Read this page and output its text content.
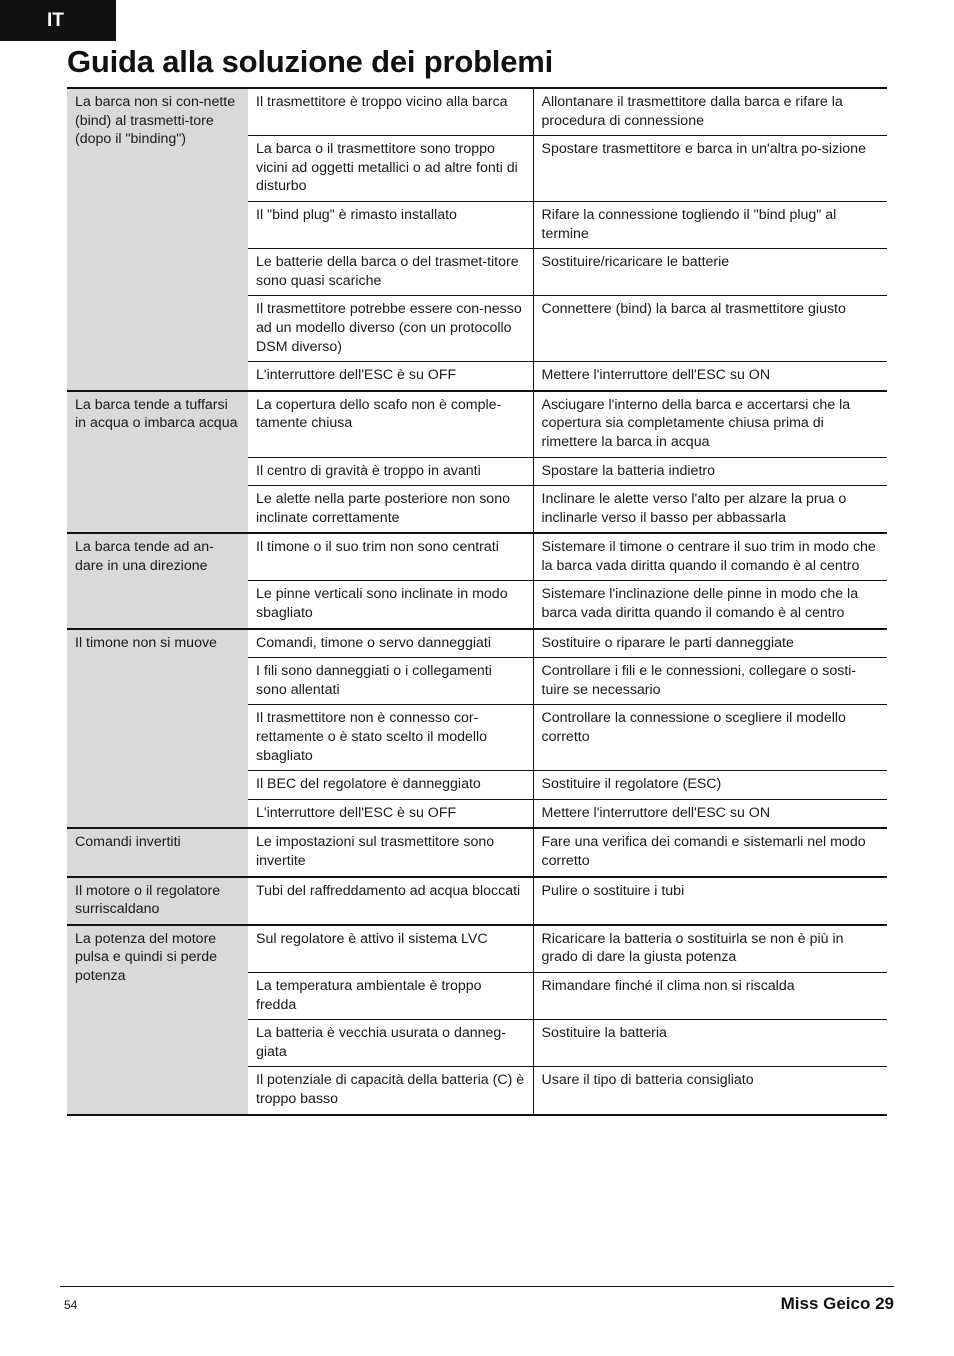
IT
Guida alla soluzione dei problemi
La barca non si con-nette (bind) al trasmetti-tore (dopo il "binding")	Il trasmettitore è troppo vicino alla barca	Allontanare il trasmettitore dalla barca e rifare la procedura di connessione
	La barca o il trasmettitore sono troppo vicini ad oggetti metallici o ad altre fonti di disturbo	Spostare trasmettitore e barca in un'altra po-sizione
	Il "bind plug" è rimasto installato	Rifare la connessione togliendo il "bind plug" al termine
	Le batterie della barca o del trasmet-titore sono quasi scariche	Sostituire/ricaricare le batterie
	Il trasmettitore potrebbe essere con-nesso ad un modello diverso (con un protocollo DSM diverso)	Connettere (bind) la barca al trasmettitore giusto
	L'interruttore dell'ESC è su OFF	Mettere l'interruttore dell'ESC su ON
La barca tende a tuffarsi in acqua o imbarca acqua	La copertura dello scafo non è comple-tamente chiusa	Asciugare l'interno della barca e accertarsi che la copertura sia completamente chiusa prima di rimettere la barca in acqua
	Il centro di gravità è troppo in avanti	Spostare la batteria indietro
	Le alette nella parte posteriore non sono inclinate correttamente	Inclinare le alette verso l'alto per alzare la prua o inclinarle verso il basso per abbassarla
La barca tende ad an-dare in una direzione	Il timone o il suo trim non sono centrati	Sistemare il timone o centrare il suo trim in modo che la barca vada diritta quando il comando è al centro
	Le pinne verticali sono inclinate in modo sbagliato	Sistemare l'inclinazione delle pinne in modo che la barca vada diritta quando il comando è al centro
Il timone non si muove	Comandi, timone o servo danneggiati	Sostituire o riparare le parti danneggiate
	I fili sono danneggiati o i collegamenti sono allentati	Controllare i fili e le connessioni, collegare o sosti-tuire se necessario
	Il trasmettitore non è connesso cor-rettamente o è stato scelto il modello sbagliato	Controllare la connessione o scegliere il modello corretto
	Il BEC del regolatore è danneggiato	Sostituire il regolatore (ESC)
	L'interruttore dell'ESC è su OFF	Mettere l'interruttore dell'ESC su ON
Comandi invertiti	Le impostazioni sul trasmettitore sono invertite	Fare una verifica dei comandi e sistemarli nel modo corretto
Il motore o il regolatore surriscaldano	Tubi del raffreddamento ad acqua bloccati	Pulire o sostituire i tubi
La potenza del motore pulsa e quindi si perde potenza	Sul regolatore è attivo il sistema LVC	Ricaricare la batteria o sostituirla se non è più in grado di dare la giusta potenza
	La temperatura ambientale è troppo fredda	Rimandare finché il clima non si riscalda
	La batteria è vecchia usurata o danneg-giata	Sostituire la batteria
	Il potenziale di capacità della batteria (C) è troppo basso	Usare il tipo di batteria consigliato
54	Miss Geico 29
